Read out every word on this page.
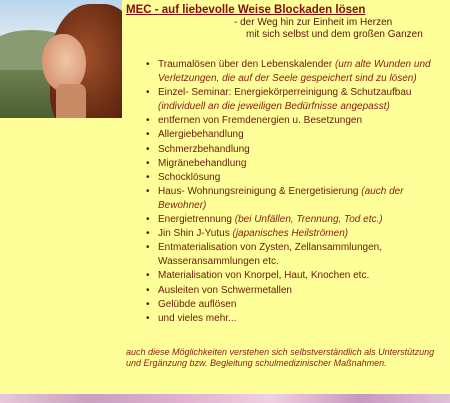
MEC - auf liebevolle Weise Blockaden lösen

- der Weg hin zur Einheit im Herzen

mit sich selbst und dem großen Ganzen

• Traumalösen über den Lebenskalender (um alte Wunden und Verletzungen, die auf der Seele gespeichert sind zu lösen)
• Einzel- Seminar: Energiekörperreinigung & Schutzaufbau (individuell an die jeweiligen Bedürfnisse angepasst)
• entfernen von Fremdenergien u. Besetzungen
• Allergiebehandlung
• Schmerzbehandlung
• Migränebehandlung
• Schocklösung
• Haus- Wohnungsreinigung & Energetisierung (auch der Bewohner)
• Energietrennung (bei Unfällen, Trennung, Tod etc.)
• Jin Shin J-Yutus (japanisches Heilströmen)
• Entmaterialisation von Zysten, Zellansammlungen, Wasseransammlungen etc.
• Materialisation von Knorpel, Haut, Knochen etc.
• Ausleiten von Schwermetallen
• Gelübde auflösen
• und vieles mehr...
auch diese Möglichkeiten verstehen sich selbstverständlich als Unterstützung und Ergänzung bzw. Begleitung schulmedizinischer Maßnahmen.
